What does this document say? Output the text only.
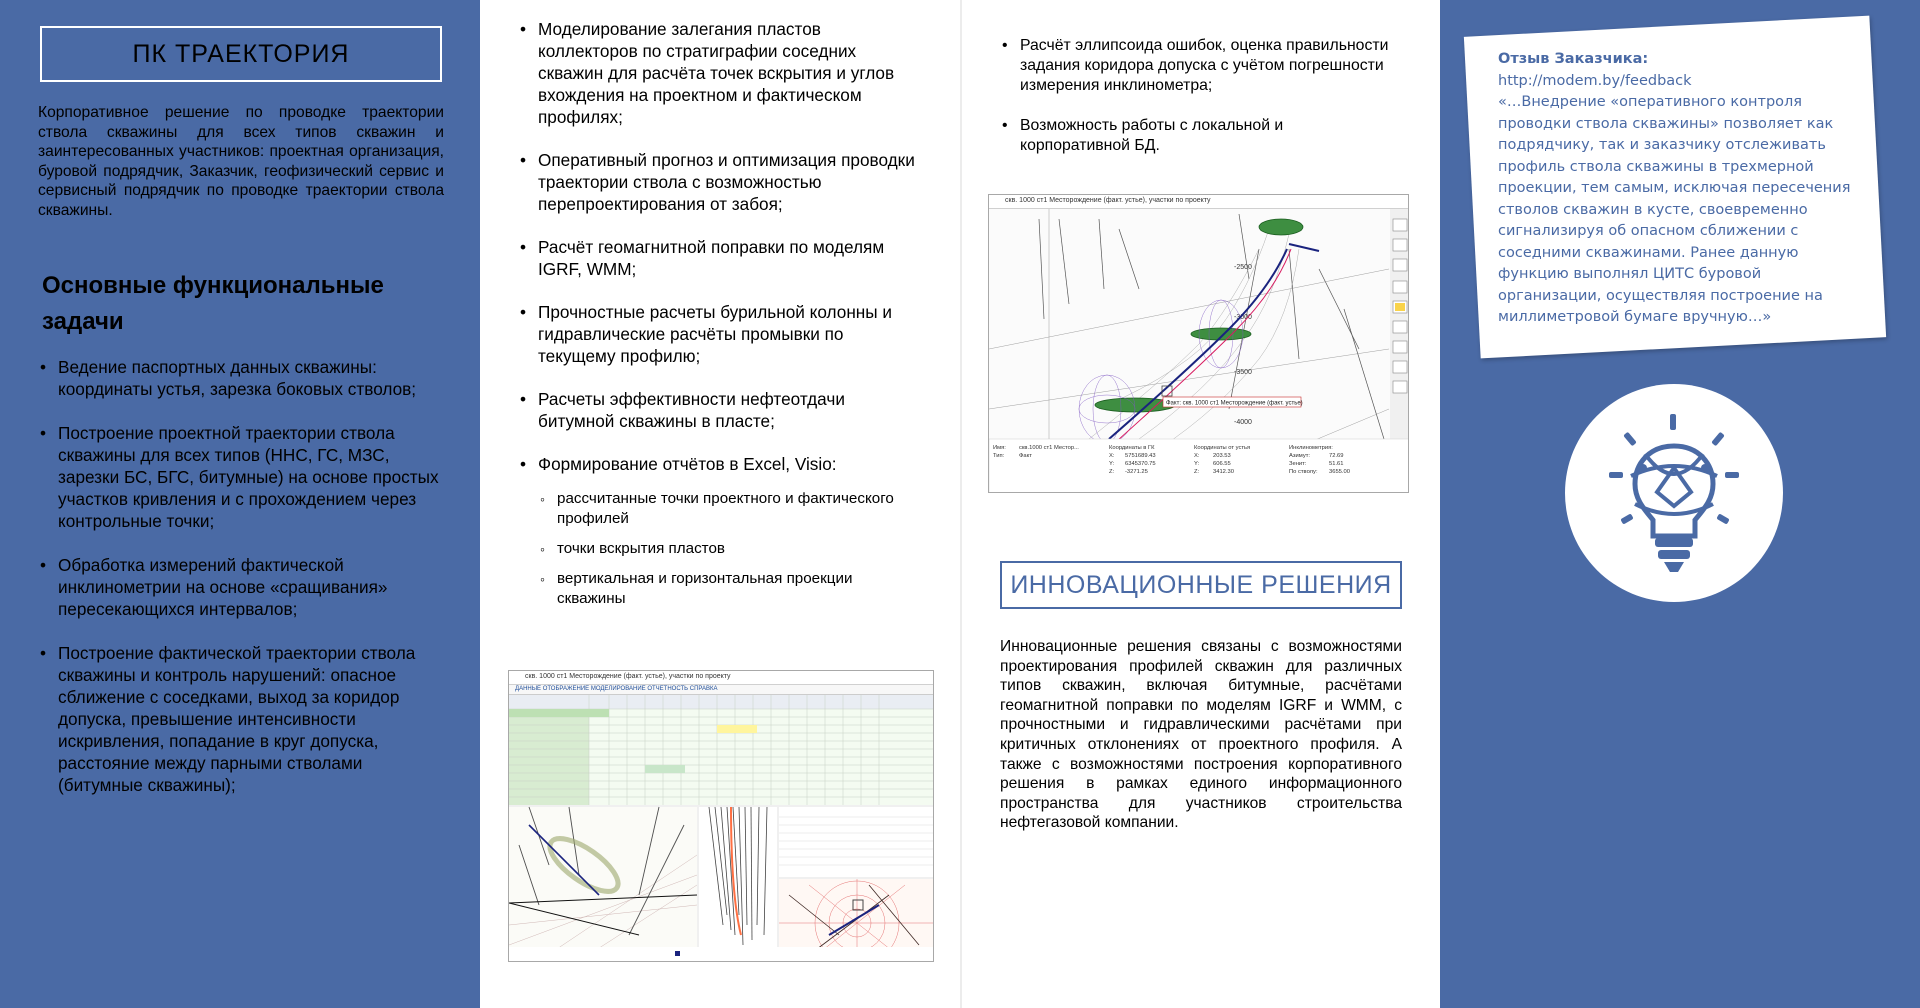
ПК ТРАЕКТОРИЯ

Корпоративное решение по проводке траектории ствола скважины для всех типов скважин и заинтересованных участников: проектная организация, буровой подрядчик, Заказчик, геофизический сервис и сервисный подрядчик по проводке траектории ствола скважины.

Основные функциональные задачи
• Ведение паспортных данных скважины: координаты устья, зарезка боковых стволов;
• Построение проектной траектории ствола скважины для всех типов (ННС, ГС, МЗС, зарезки БС, БГС, битумные) на основе простых участков кривления и с прохождением через контрольные точки;
• Обработка измерений фактической инклинометрии на основе «сращивания» пересекающихся интервалов;
• Построение фактической траектории ствола скважины и контроль нарушений: опасное сближение с соседками, выход за коридор допуска, превышение интенсивности искривления, попадание в круг допуска, расстояние между парными стволами (битумные скважины);
• Моделирование залегания пластов коллекторов по стратиграфии соседних скважин для расчёта точек вскрытия и углов вхождения на проектном и фактическом профилях;
• Оперативный прогноз и оптимизация проводки траектории ствола с возможностью перепроектирования от забоя;
• Расчёт геомагнитной поправки по моделям IGRF, WMM;
• Прочностные расчеты бурильной колонны и гидравлические расчёты промывки по текущему профилю;
• Расчеты эффективности нефтеотдачи битумной скважины в пласте;
• Формирование отчётов в Excel, Visio:
◦ рассчитанные точки проектного и фактического профилей
◦ точки вскрытия пластов
◦ вертикальная и горизонтальная проекции скважины
скв. 1000 ст1 Месторождение (факт. устье), участки по проекту
ДАННЫЕ ОТОБРАЖЕНИЕ МОДЕЛИРОВАНИЕ ОТЧЕТНОСТЬ СПРАВКА
• Расчёт эллипсоида ошибок, оценка правильности задания коридора допуска с учётом погрешности измерения инклинометра;
• Возможность работы с локальной и корпоративной БД.
скв. 1000 ст1 Месторождение (факт. устье), участки по проекту
-2500
-3000
-3500
-4000
Факт: скв. 1000 ст1 Месторождение (факт. устье)
Имя:
Тип:
скв.1000 ст1 Местор...
Факт
Координаты в ГК
X:
Y:
Z:
5751689.43
6345370.75
-3271.25
Координаты от устья
X:
Y:
Z:
203.53
606.55
3412.30
Инклинометрия:
Азимут:
Зенит:
По стволу:
72.69
51.61
3655.00
ИННОВАЦИОННЫЕ РЕШЕНИЯ

Инновационные решения связаны с возможностями проектирования профилей скважин для различных типов скважин, включая битумные, расчётами геомагнитной поправки по моделям IGRF и WMM, с прочностными и гидравлическими расчётами при критичных отклонениях от проектного профиля. А также с возможностями построения корпоративного решения в рамках единого информационного пространства для участников строительства нефтегазовой компании.

Отзыв Заказчика:
http://modem.by/feedback
«…Внедрение «оперативного контроля проводки ствола скважины» позволяет как подрядчику, так и заказчику отслеживать профиль ствола скважины в трехмерной проекции, тем самым, исключая пересечения стволов скважин в кусте, своевременно сигнализируя об опасном сближении с соседними скважинами. Ранее данную функцию выполнял ЦИТС буровой организации, осуществляя построение на миллиметровой бумаге вручную…»
